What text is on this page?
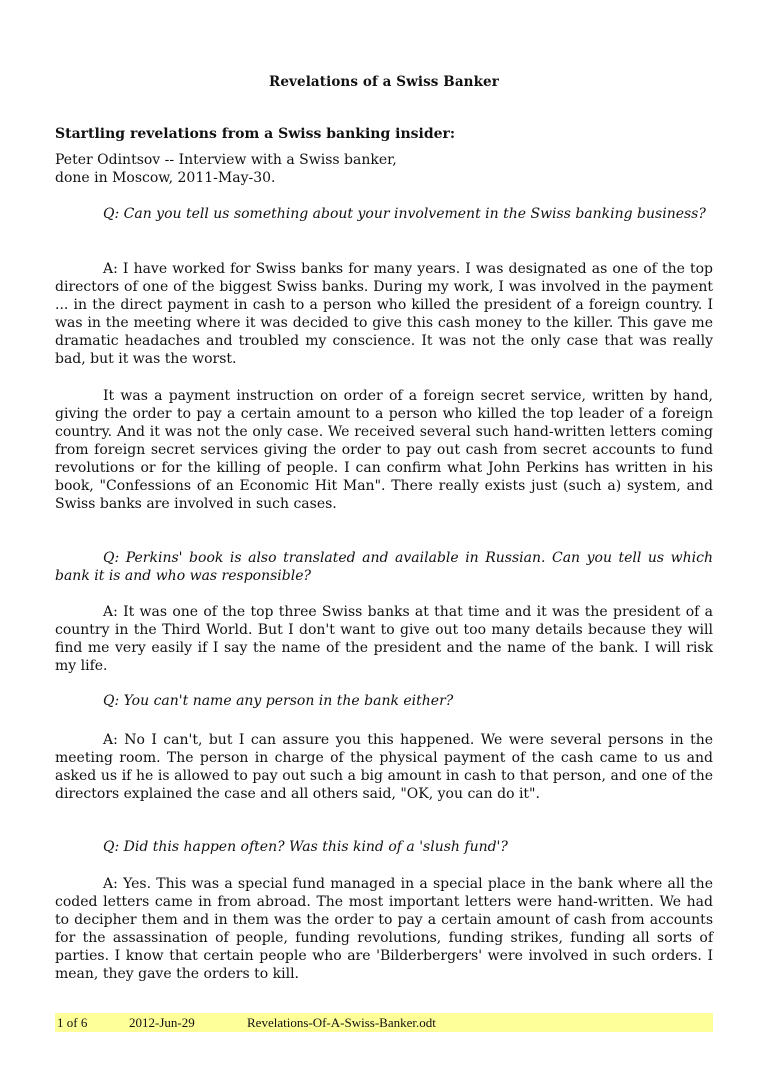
Revelations of a Swiss Banker
Startling revelations from a Swiss banking insider:
Peter Odintsov -- Interview with a Swiss banker,
done in Moscow, 2011-May-30.

Q: Can you tell us something about your involvement in the Swiss banking business?

A: I have worked for Swiss banks for many years. I was designated as one of the top directors of one of the biggest Swiss banks. During my work, I was involved in the payment ... in the direct payment in cash to a person who killed the president of a foreign country. I was in the meeting where it was decided to give this cash money to the killer. This gave me dramatic headaches and troubled my conscience. It was not the only case that was really bad, but it was the worst.

It was a payment instruction on order of a foreign secret service, written by hand, giving the order to pay a certain amount to a person who killed the top leader of a foreign country. And it was not the only case. We received several such hand-written letters coming from foreign secret services giving the order to pay out cash from secret accounts to fund revolutions or for the killing of people. I can confirm what John Perkins has written in his book, "Confessions of an Economic Hit Man". There really exists just (such a) system, and Swiss banks are involved in such cases.

Q: Perkins' book is also translated and available in Russian. Can you tell us which bank it is and who was responsible?

A: It was one of the top three Swiss banks at that time and it was the president of a country in the Third World. But I don't want to give out too many details because they will find me very easily if I say the name of the president and the name of the bank. I will risk my life.

Q: You can't name any person in the bank either?

A: No I can't, but I can assure you this happened. We were several persons in the meeting room. The person in charge of the physical payment of the cash came to us and asked us if he is allowed to pay out such a big amount in cash to that person, and one of the directors explained the case and all others said, "OK, you can do it".

Q: Did this happen often? Was this kind of a 'slush fund'?

A: Yes. This was a special fund managed in a special place in the bank where all the coded letters came in from abroad. The most important letters were hand-written. We had to decipher them and in them was the order to pay a certain amount of cash from accounts for the assassination of people, funding revolutions, funding strikes, funding all sorts of parties. I know that certain people who are 'Bilderbergers' were involved in such orders. I mean, they gave the orders to kill.

1 of 6	2012-Jun-29	Revelations-Of-A-Swiss-Banker.odt
